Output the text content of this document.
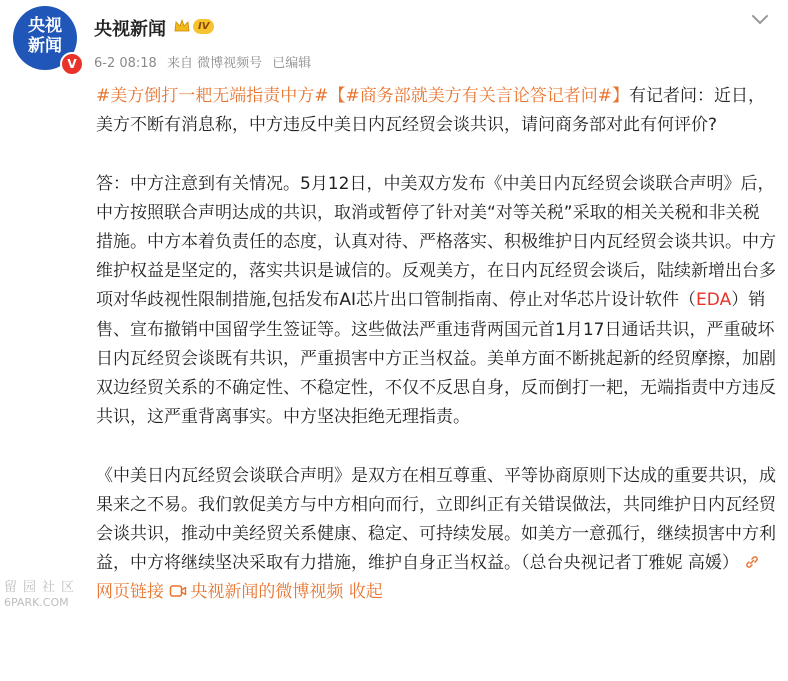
央视
新闻
V
央视新闻	IV
6-2 08:18 来自 微博视频号 已编辑

#美方倒打一耙无端指责中方#【#商务部就美方有关言论答记者问#】有记者问：近日，美方不断有消息称，中方违反中美日内瓦经贸会谈共识，请问商务部对此有何评价?

答：中方注意到有关情况。5月12日，中美双方发布《中美日内瓦经贸会谈联合声明》后，中方按照联合声明达成的共识，取消或暂停了针对美“对等关税”采取的相关关税和非关税措施。中方本着负责任的态度，认真对待、严格落实、积极维护日内瓦经贸会谈共识。中方维护权益是坚定的，落实共识是诚信的。反观美方，在日内瓦经贸会谈后，陆续新增出台多项对华歧视性限制措施,包括发布AI芯片出口管制指南、停止对华芯片设计软件（EDA）销售、宣布撤销中国留学生签证等。这些做法严重违背两国元首1月17日通话共识，严重破坏日内瓦经贸会谈既有共识，严重损害中方正当权益。美单方面不断挑起新的经贸摩擦，加剧双边经贸关系的不确定性、不稳定性，不仅不反思自身，反而倒打一耙，无端指责中方违反共识，这严重背离事实。中方坚决拒绝无理指责。

《中美日内瓦经贸会谈联合声明》是双方在相互尊重、平等协商原则下达成的重要共识，成果来之不易。我们敦促美方与中方相向而行，立即纠正有关错误做法，共同维护日内瓦经贸会谈共识，推动中美经贸关系健康、稳定、可持续发展。如美方一意孤行，继续损害中方利益，中方将继续坚决采取有力措施，维护自身正当权益。（总台央视记者丁雅妮 高媛） 网页链接 央视新闻的微博视频 收起

留园社区
6PARK.COM
